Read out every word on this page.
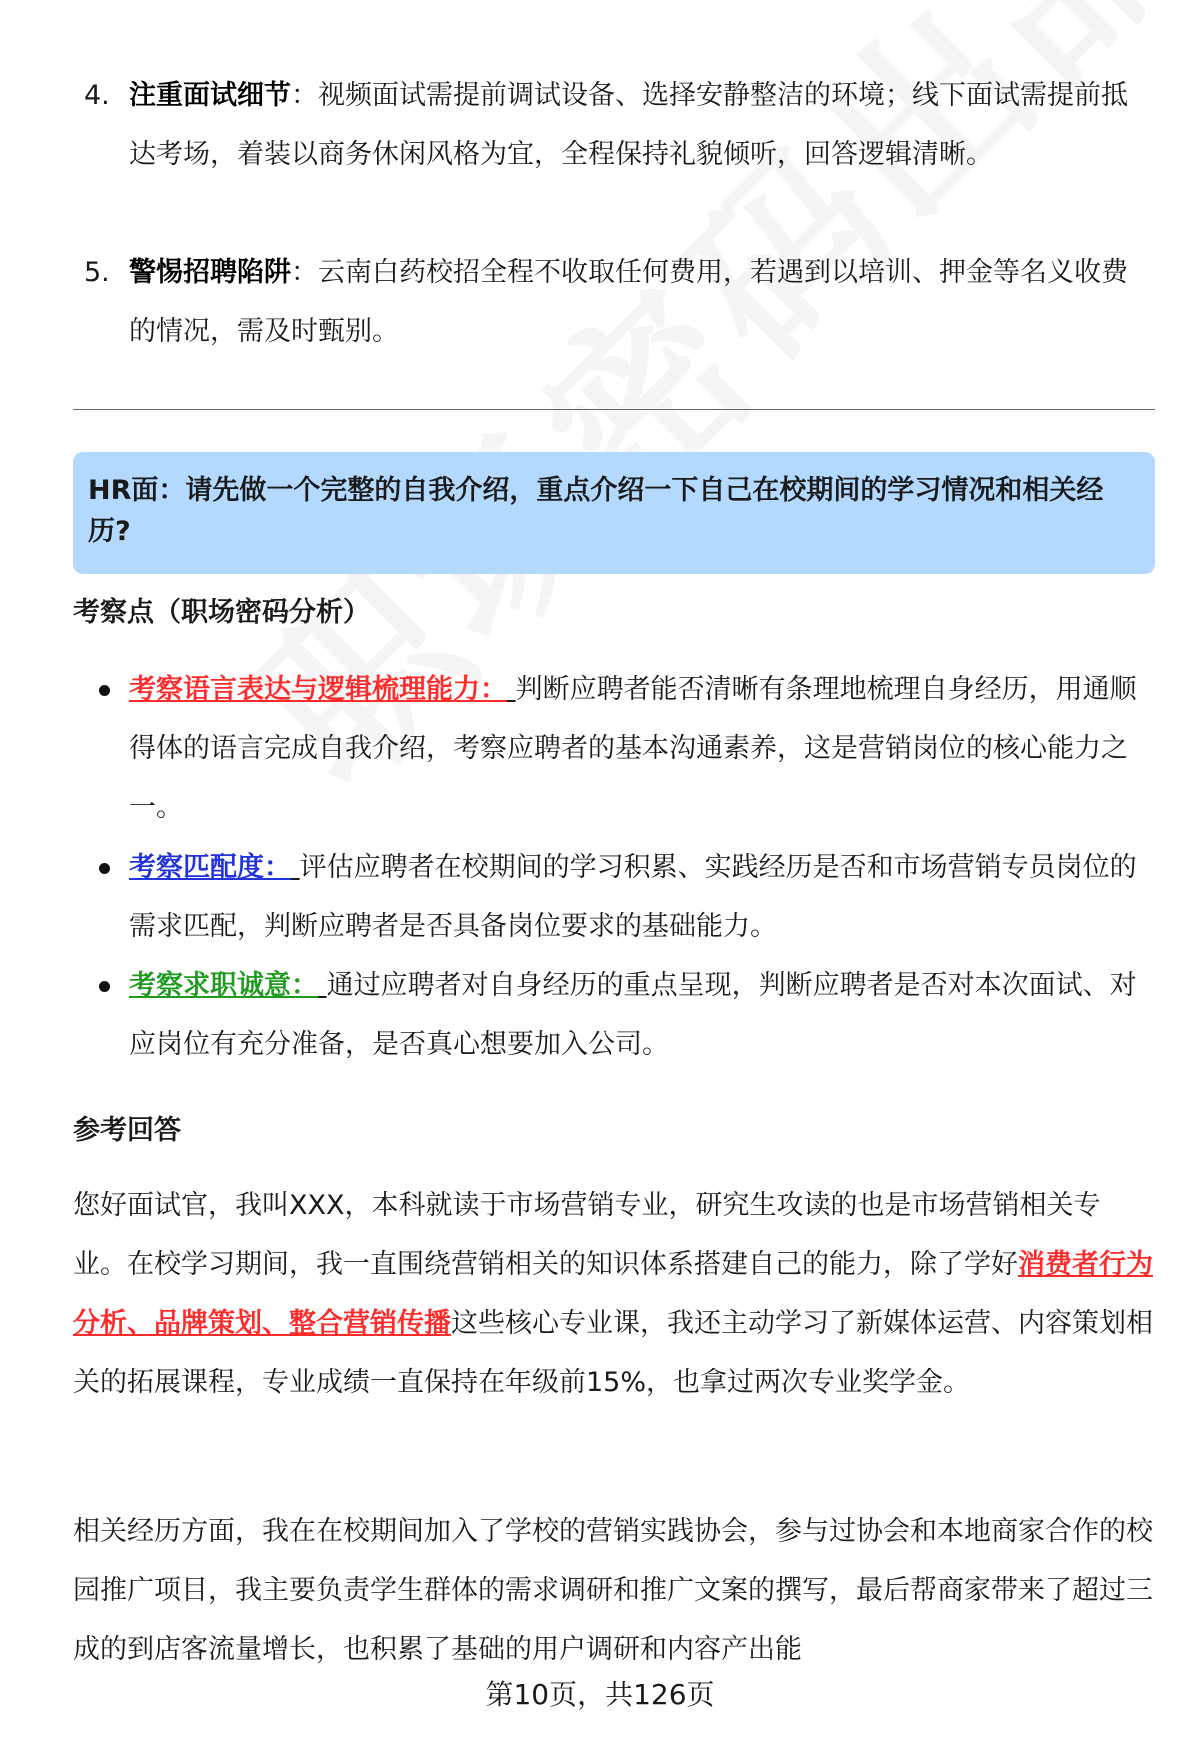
4. 注重面试细节：视频面试需提前调试设备、选择安静整洁的环境；线下面试需提前抵达考场，着装以商务休闲风格为宜，全程保持礼貌倾听，回答逻辑清晰。
5. 警惕招聘陷阱：云南白药校招全程不收取任何费用，若遇到以培训、押金等名义收费的情况，需及时甄别。
HR面：请先做一个完整的自我介绍，重点介绍一下自己在校期间的学习情况和相关经历?
考察点（职场密码分析）
考察语言表达与逻辑梳理能力： 判断应聘者能否清晰有条理地梳理自身经历，用通顺得体的语言完成自我介绍，考察应聘者的基本沟通素养，这是营销岗位的核心能力之一。
考察匹配度： 评估应聘者在校期间的学习积累、实践经历是否和市场营销专员岗位的需求匹配，判断应聘者是否具备岗位要求的基础能力。
考察求职诚意： 通过应聘者对自身经历的重点呈现，判断应聘者是否对本次面试、对应岗位有充分准备，是否真心想要加入公司。
参考回答
您好面试官，我叫XXX，本科就读于市场营销专业，研究生攻读的也是市场营销相关专业。在校学习期间，我一直围绕营销相关的知识体系搭建自己的能力，除了学好消费者行为分析、品牌策划、整合营销传播这些核心专业课，我还主动学习了新媒体运营、内容策划相关的拓展课程，专业成绩一直保持在年级前15%，也拿过两次专业奖学金。
相关经历方面，我在在校期间加入了学校的营销实践协会，参与过协会和本地商家合作的校园推广项目，我主要负责学生群体的需求调研和推广文案的撰写，最后帮商家带来了超过三成的到店客流量增长，也积累了基础的用户调研和内容产出能
第10页，共126页
